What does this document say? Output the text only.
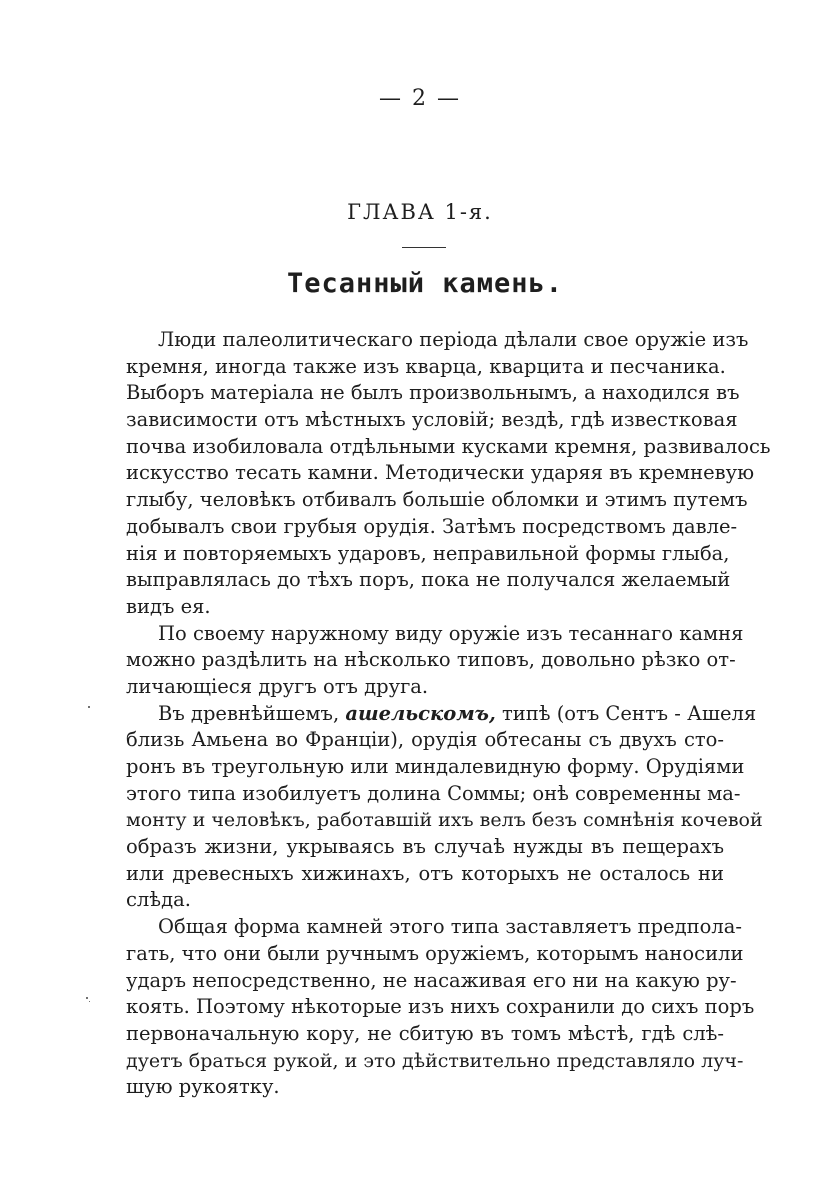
— 2 —
ГЛАВА 1-я.
Тесанный камень.
Люди палеолитическаго періода дѣлали свое оружіе изъ
кремня, иногда также изъ кварца, кварцита и песчаника.
Выборъ матеріала не былъ произвольнымъ, а находился въ
зависимости отъ мѣстныхъ условій; вездѣ, гдѣ известковая
почва изобиловала отдѣльными кусками кремня, развивалось
искусство тесать камни. Методически ударяя въ кремневую
глыбу, человѣкъ отбивалъ большіе обломки и этимъ путемъ
добывалъ свои грубыя орудія. Затѣмъ посредствомъ давле-
нія и повторяемыхъ ударовъ, неправильной формы глыба,
выправлялась до тѣхъ поръ, пока не получался желаемый
видъ ея.
По своему наружному виду оружіе изъ тесаннаго камня
можно раздѣлить на нѣсколько типовъ, довольно рѣзко от-
личающіеся другъ отъ друга.
Въ древнѣйшемъ, ашельскомъ, типѣ (отъ Сентъ - Ашеля
близь Амьена во Франціи), орудія обтесаны съ двухъ сто-
ронъ въ треугольную или миндалевидную форму. Орудіями
этого типа изобилуетъ долина Соммы; онѣ современны ма-
монту и человѣкъ, работавшій ихъ велъ безъ сомнѣнія кочевой
образъ жизни, укрываясь въ случаѣ нужды въ пещерахъ
или древесныхъ хижинахъ, отъ которыхъ не осталось ни
слѣда.
Общая форма камней этого типа заставляетъ предпола-
гать, что они были ручнымъ оружіемъ, которымъ наносили
ударъ непосредственно, не насаживая его ни на какую ру-
коять. Поэтому нѣкоторые изъ нихъ сохранили до сихъ поръ
первоначальную кору, не сбитую въ томъ мѣстѣ, гдѣ слѣ-
дуетъ браться рукой, и это дѣйствительно представляло луч-
шую рукоятку.
